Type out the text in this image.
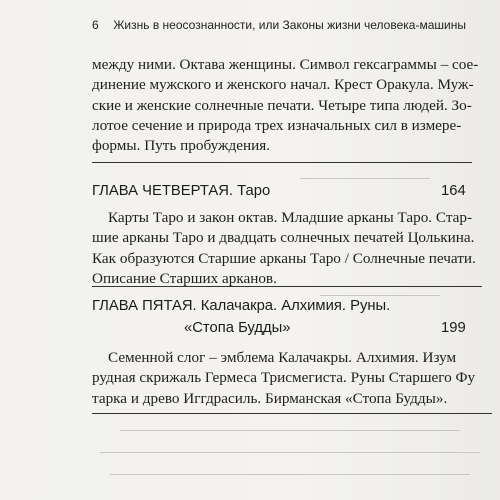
6 Жизнь в неосознанности, или Законы жизни человека-машины
между ними. Октава женщины. Символ гексаграммы – сое-
динение мужского и женского начал. Крест Оракула. Муж-
ские и женские солнечные печати. Четыре типа людей. Зо-
лотое сечение и природа трех изначальных сил в измере-
формы. Путь пробуждения.
ГЛАВА ЧЕТВЕРТАЯ. Таро	164
Карты Таро и закон октав. Младшие арканы Таро. Стар-
шие арканы Таро и двадцать солнечных печатей Цолькина.
Как образуются Старшие арканы Таро / Солнечные печати.
Описание Старших арканов.
ГЛАВА ПЯТАЯ. Калачакра. Алхимия. Руны.
«Стопа Будды»	199
Семенной слог – эмблема Калачакры. Алхимия. Изум
рудная скрижаль Гермеса Трисмегиста. Руны Старшего Фу
тарка и древо Иггдрасиль. Бирманская «Стопа Будды».
